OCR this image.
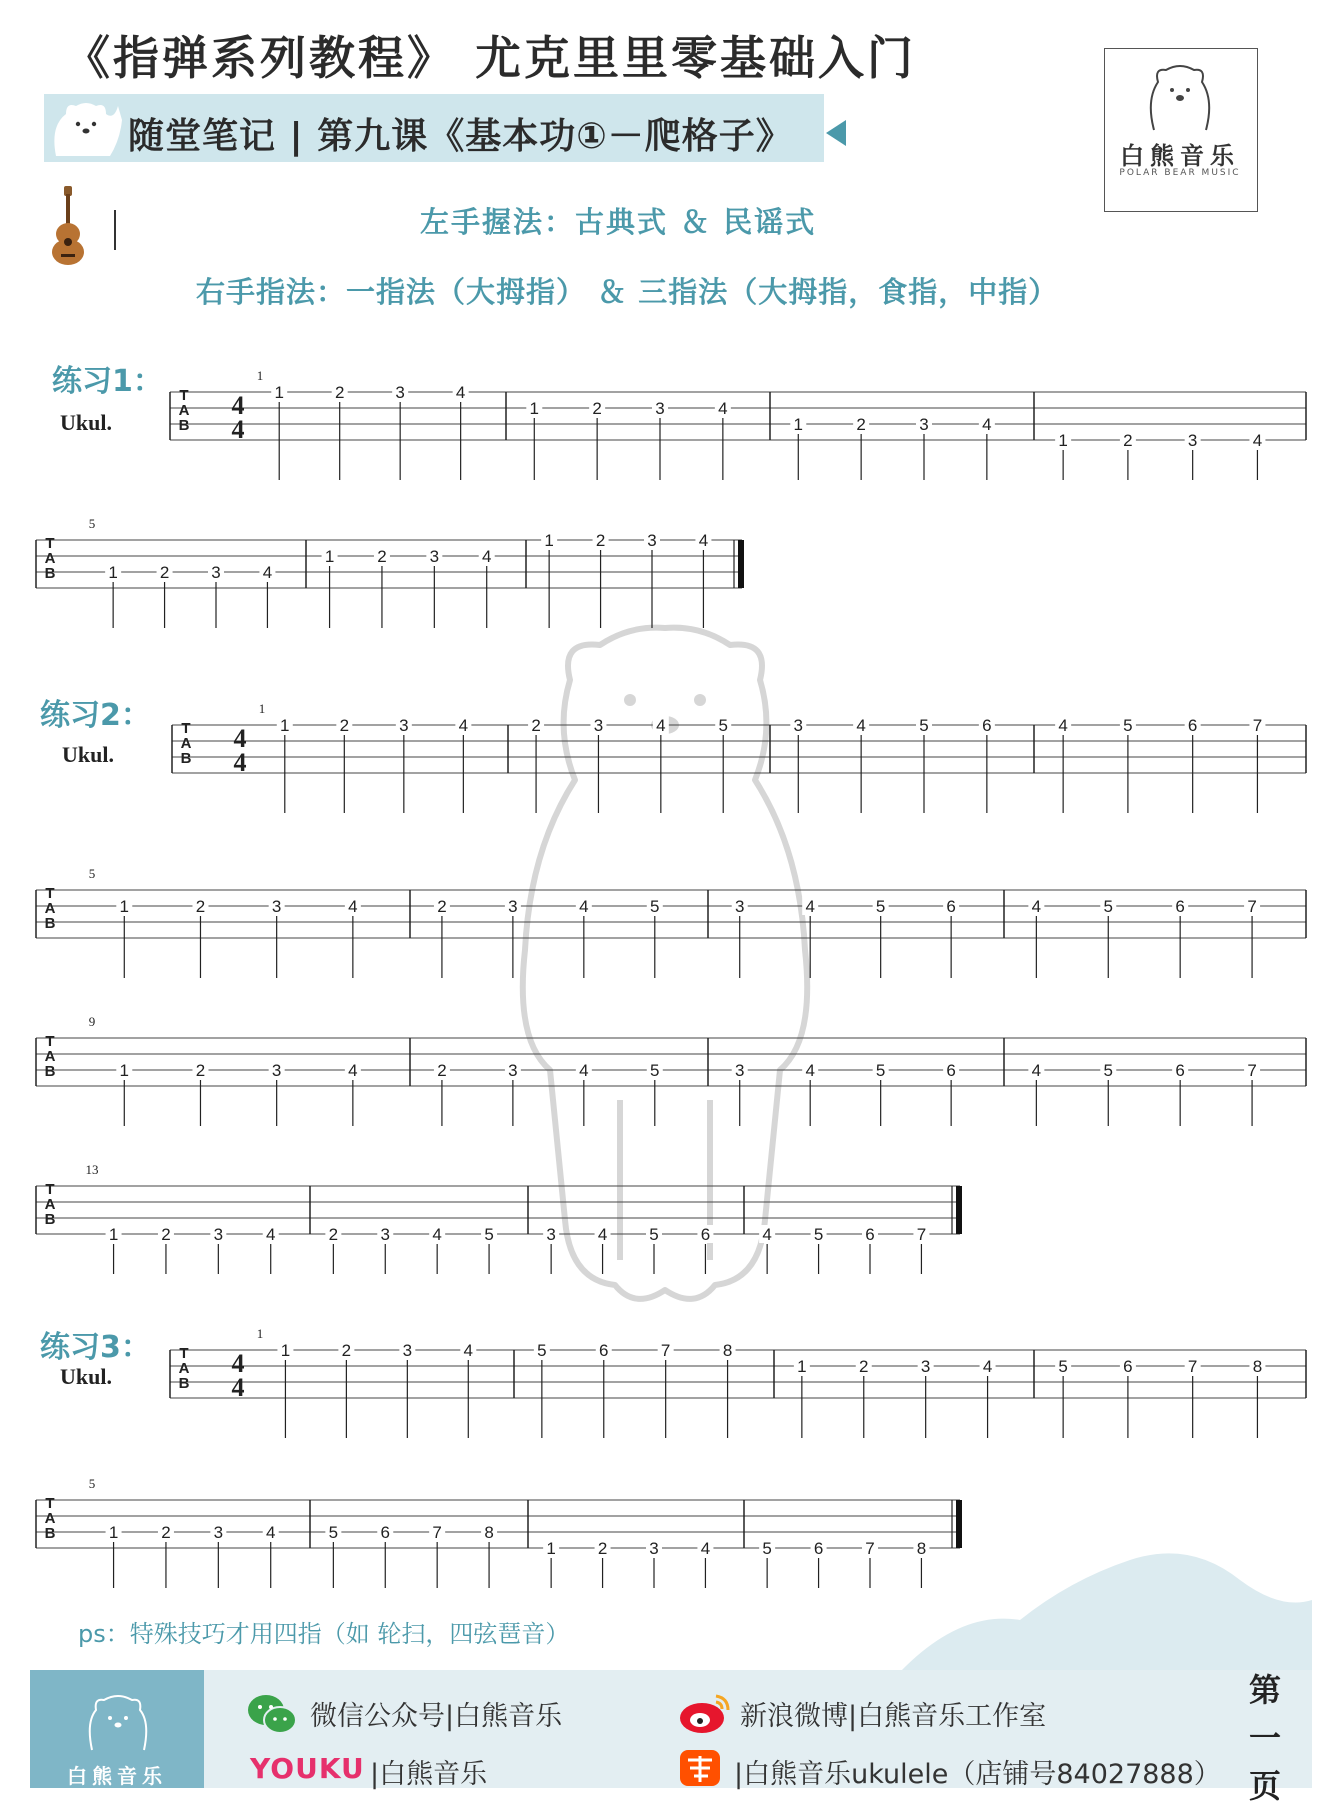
《指弹系列教程》 尤克里里零基础入门
随堂笔记 | 第九课《基本功①－爬格子》	白熊音乐
POLAR BEAR MUSIC
左手握法：古典式 ＆ 民谣式
右手指法：一指法（大拇指） ＆ 三指法（大拇指，食指，中指）
练习1：
练习2：
练习3：
Ukul.
Ukul.
Ukul.
T
A
B
4
4
1
1	2	3	4
1	2	3	4
1	2	3	4
1	2	3	4
T
A
B
5
1 2 3 4
1	2	3	4
1 2 3 4
T
A
B
4
4
1
1	2	3	4	2	3	4	5	3	4	5	6	4	5	6	7
T
A
B
5
1	2	3	4	2	3	4	5	3	4	5	6	4	5	6	7
T
A
B
9
1	2	3	4	2	3	4	5	3	4	5	6	4	5	6	7
T
A
B
13
1	2	3	4	2 3 4 5	3 4 5 6	4 5 6 7
T
A
B
4
4
1
1	2	3	4	5	6	7	8
1	2	3	4	5	6	7	8
T
A
B
5
1	2	3	4	5 6 7 8
1 2 3 4	5 6 7 8
ps：特殊技巧才用四指（如 轮扫，四弦琶音）
白熊音乐
微信公众号|白熊音乐	新浪微博|白熊音乐工作室
YOUKU |白熊音乐	|白熊音乐ukulele（店铺号84027888）
第一页
